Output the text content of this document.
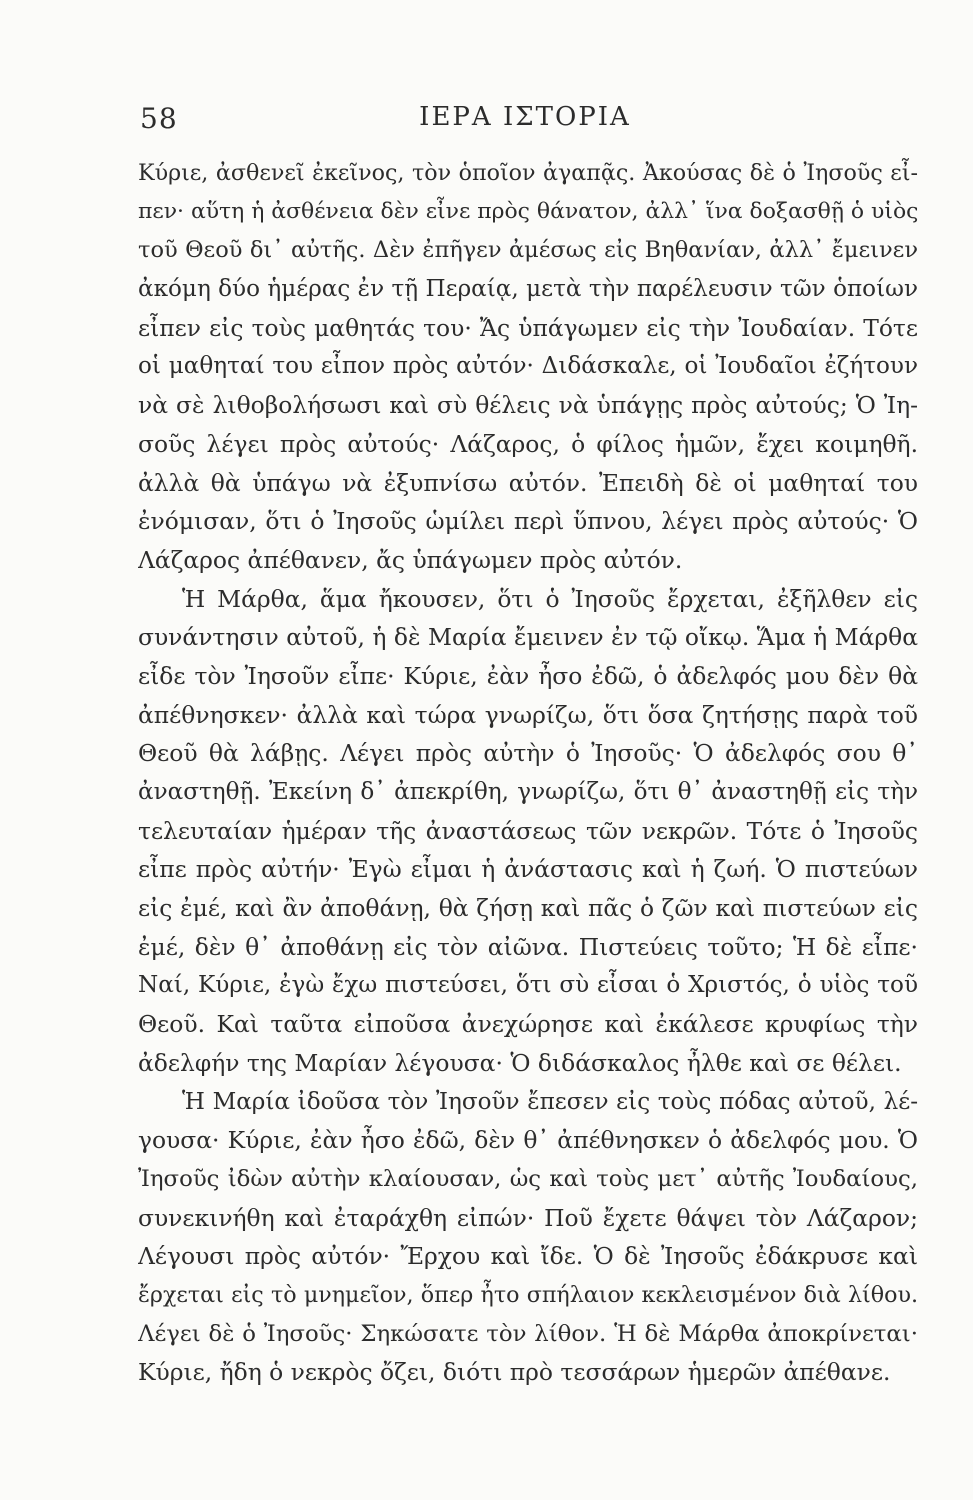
58	ΙΕΡΑ ΙΣΤΟΡΙΑ
Κύριε, ἀσθενεῖ ἐκεῖνος, τὸν ὁποῖον ἀγαπᾷς. Ἀκούσας δὲ ὁ Ἰησοῦς εἶ-
πεν· αὕτη ἡ ἀσθένεια δὲν εἶνε πρὸς θάνατον, ἀλλ᾿ ἵνα δοξασθῇ ὁ υἱὸς
τοῦ Θεοῦ δι᾿ αὐτῆς. Δὲν ἐπῆγεν ἀμέσως εἰς Βηθανίαν, ἀλλ᾿ ἔμεινεν
ἀκόμη δύο ἡμέρας ἐν τῇ Περαίᾳ, μετὰ τὴν παρέλευσιν τῶν ὁποίων
εἶπεν εἰς τοὺς μαθητάς του· Ἄς ὑπάγωμεν εἰς τὴν Ἰουδαίαν. Τότε
οἱ μαθηταί του εἶπον πρὸς αὐτόν· Διδάσκαλε, οἱ Ἰουδαῖοι ἐζήτουν
νὰ σὲ λιθοβολήσωσι καὶ σὺ θέλεις νὰ ὑπάγῃς πρὸς αὐτούς; Ὁ Ἰη-
σοῦς λέγει πρὸς αὐτούς· Λάζαρος, ὁ φίλος ἡμῶν, ἔχει κοιμηθῆ.
ἀλλὰ θὰ ὑπάγω νὰ ἐξυπνίσω αὐτόν. Ἐπειδὴ δὲ οἱ μαθηταί του
ἐνόμισαν, ὅτι ὁ Ἰησοῦς ὡμίλει περὶ ὕπνου, λέγει πρὸς αὐτούς· Ὁ
Λάζαρος ἀπέθανεν, ἄς ὑπάγωμεν πρὸς αὐτόν.
Ἡ Μάρθα, ἅμα ἤκουσεν, ὅτι ὁ Ἰησοῦς ἔρχεται, ἐξῆλθεν εἰς
συνάντησιν αὐτοῦ, ἡ δὲ Μαρία ἔμεινεν ἐν τῷ οἴκῳ. Ἅμα ἡ Μάρθα
εἶδε τὸν Ἰησοῦν εἶπε· Κύριε, ἐὰν ἦσο ἐδῶ, ὁ ἀδελφός μου δὲν θὰ
ἀπέθνησκεν· ἀλλὰ καὶ τώρα γνωρίζω, ὅτι ὅσα ζητήσῃς παρὰ τοῦ
Θεοῦ θὰ λάβῃς. Λέγει πρὸς αὐτὴν ὁ Ἰησοῦς· Ὁ ἀδελφός σου θ᾿
ἀναστηθῇ. Ἐκείνη δ᾿ ἀπεκρίθη, γνωρίζω, ὅτι θ᾿ ἀναστηθῇ εἰς τὴν
τελευταίαν ἡμέραν τῆς ἀναστάσεως τῶν νεκρῶν. Τότε ὁ Ἰησοῦς
εἶπε πρὸς αὐτήν· Ἐγὼ εἶμαι ἡ ἀνάστασις καὶ ἡ ζωή. Ὁ πιστεύων
εἰς ἐμέ, καὶ ἂν ἀποθάνῃ, θὰ ζήσῃ καὶ πᾶς ὁ ζῶν καὶ πιστεύων εἰς
ἐμέ, δὲν θ᾿ ἀποθάνῃ εἰς τὸν αἰῶνα. Πιστεύεις τοῦτο; Ἡ δὲ εἶπε·
Ναί, Κύριε, ἐγὼ ἔχω πιστεύσει, ὅτι σὺ εἶσαι ὁ Χριστός, ὁ υἱὸς τοῦ
Θεοῦ. Καὶ ταῦτα εἰποῦσα ἀνεχώρησε καὶ ἐκάλεσε κρυφίως τὴν
ἀδελφήν της Μαρίαν λέγουσα· Ὁ διδάσκαλος ἦλθε καὶ σε θέλει.
Ἡ Μαρία ἰδοῦσα τὸν Ἰησοῦν ἔπεσεν εἰς τοὺς πόδας αὐτοῦ, λέ-
γουσα· Κύριε, ἐὰν ἦσο ἐδῶ, δὲν θ᾿ ἀπέθνησκεν ὁ ἀδελφός μου. Ὁ
Ἰησοῦς ἰδὼν αὐτὴν κλαίουσαν, ὡς καὶ τοὺς μετ᾿ αὐτῆς Ἰουδαίους,
συνεκινήθη καὶ ἐταράχθη εἰπών· Ποῦ ἔχετε θάψει τὸν Λάζαρον;
Λέγουσι πρὸς αὐτόν· Ἔρχου καὶ ἴδε. Ὁ δὲ Ἰησοῦς ἐδάκρυσε καὶ
ἔρχεται εἰς τὸ μνημεῖον, ὅπερ ἦτο σπήλαιον κεκλεισμένον διὰ λίθου.
Λέγει δὲ ὁ Ἰησοῦς· Σηκώσατε τὸν λίθον. Ἡ δὲ Μάρθα ἀποκρίνεται·
Κύριε, ἤδη ὁ νεκρὸς ὄζει, διότι πρὸ τεσσάρων ἡμερῶν ἀπέθανε.
